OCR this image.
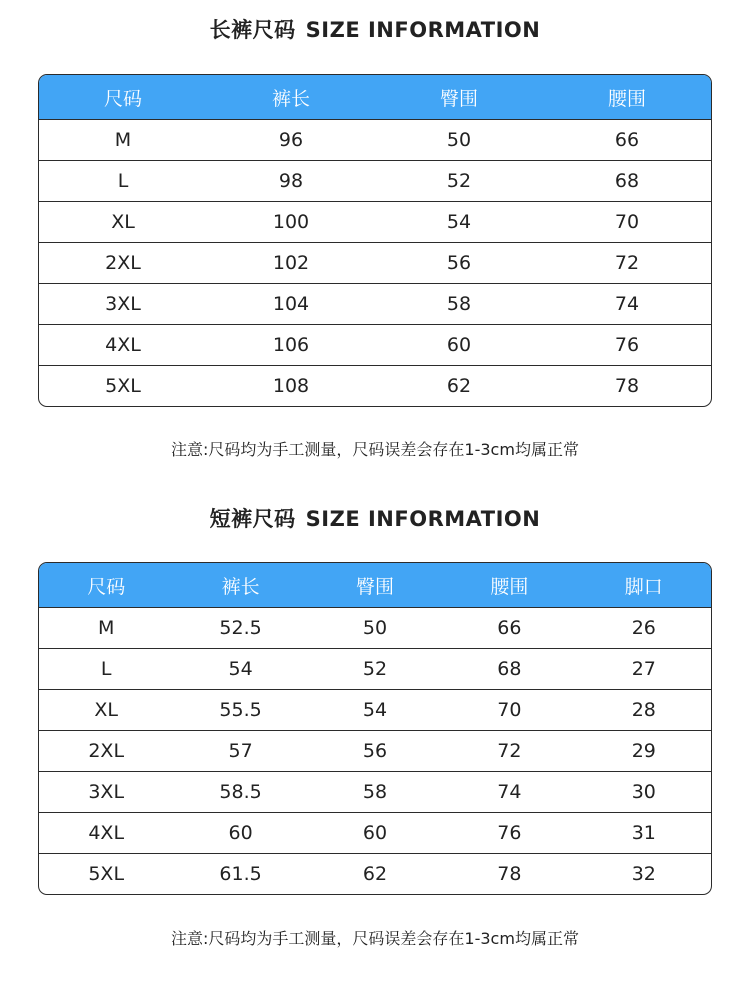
长裤尺码 SIZE INFORMATION
尺码	裤长	臀围	腰围
M	96	50	66
L	98	52	68
XL	100	54	70
2XL	102	56	72
3XL	104	58	74
4XL	106	60	76
5XL	108	62	78

注意:尺码均为手工测量，尺码误差会存在1-3cm均属正常

短裤尺码 SIZE INFORMATION
尺码	裤长	臀围	腰围	脚口
M	52.5	50	66	26
L	54	52	68	27
XL	55.5	54	70	28
2XL	57	56	72	29
3XL	58.5	58	74	30
4XL	60	60	76	31
5XL	61.5	62	78	32

注意:尺码均为手工测量，尺码误差会存在1-3cm均属正常
